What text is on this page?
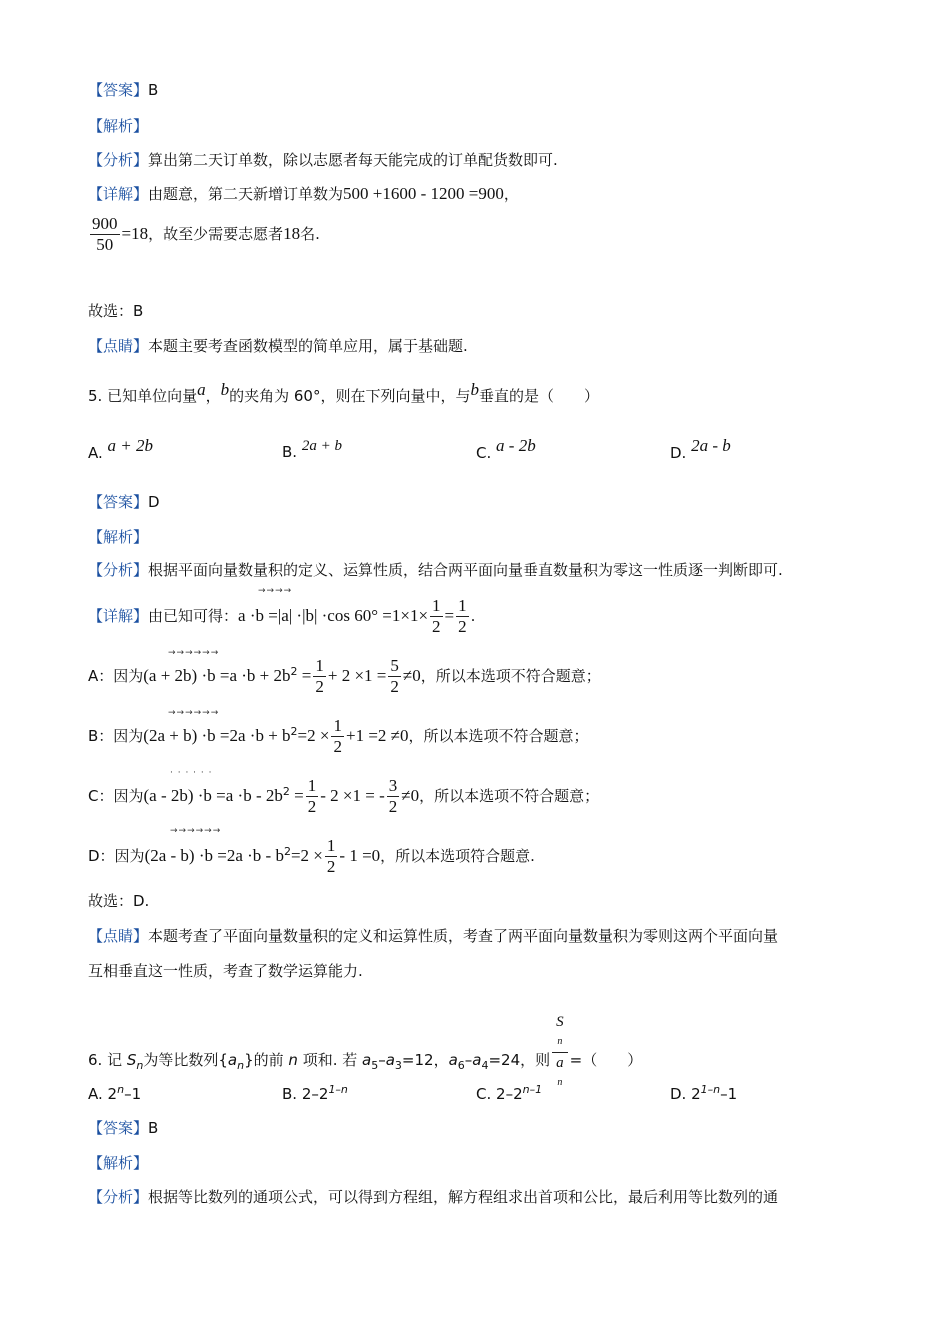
【答案】B
【解析】
【分析】算出第二天订单数，除以志愿者每天能完成的订单配货数即可.
【详解】由题意，第二天新增订单数为500 +1600 - 1200 =900，
$\frac{900}{50} =18$，故至少需要志愿者18名.
故选：B
【点睛】本题主要考查函数模型的简单应用，属于基础题.
5. 已知单位向量a，b的夹角为 60°，则在下列向量中，与b垂直的是（　　）
A. a + 2b	B. 2a + b	C. a - 2b	D. 2a - b
【答案】D
【解析】
【分析】根据平面向量数量积的定义、运算性质，结合两平面向量垂直数量积为零这一性质逐一判断即可.
→→→→
【详解】由已知可得：a ·b =|a| ·|b| ·cos $60^\circ =1\times 1\times \frac{1}{2} = \frac{1}{2}$ .
→→→→→→
A：因为$(a + 2b) \cdot b =a \cdot b + 2b^2 = \frac{1}{2} + 2 \times 1 = \frac{5}{2} \ne 0$，所以本选项不符合题意；
→→→→→→
B：因为$(2a + b) \cdot b =2a \cdot b + b^2=2 \times \frac{1}{2} +1 =2 \ne 0$，所以本选项不符合题意；
· · · · · ·
C：因为$(a - 2b) \cdot b =a \cdot b - 2b^2 = \frac{1}{2} - 2 \times 1$ = - $\frac{3}{2} \ne 0$，所以本选项不符合题意；
→→→→→→
D：因为$(2a - b) \cdot b =2a \cdot b - b^2=2 \times \frac{1}{2} - 1 =0$，所以本选项符合题意.
故选：D.
【点睛】本题考查了平面向量数量积的定义和运算性质，考查了两平面向量数量积为零则这两个平面向量
互相垂直这一性质，考查了数学运算能力.
6. 记 $S_n$为等比数列$\{a_n\}$的前 n 项和. 若 $a_5-a_3=12$，$a_6-a_4=24$，则 S
n
a
n =（　　）
A. 2$^n$–1	B. 2–2$^{1-n}$	C. 2–2$^{n-1}$	D. 2$^{1-n}$–1
【答案】B
【解析】
【分析】根据等比数列的通项公式，可以得到方程组，解方程组求出首项和公比，最后利用等比数列的通
